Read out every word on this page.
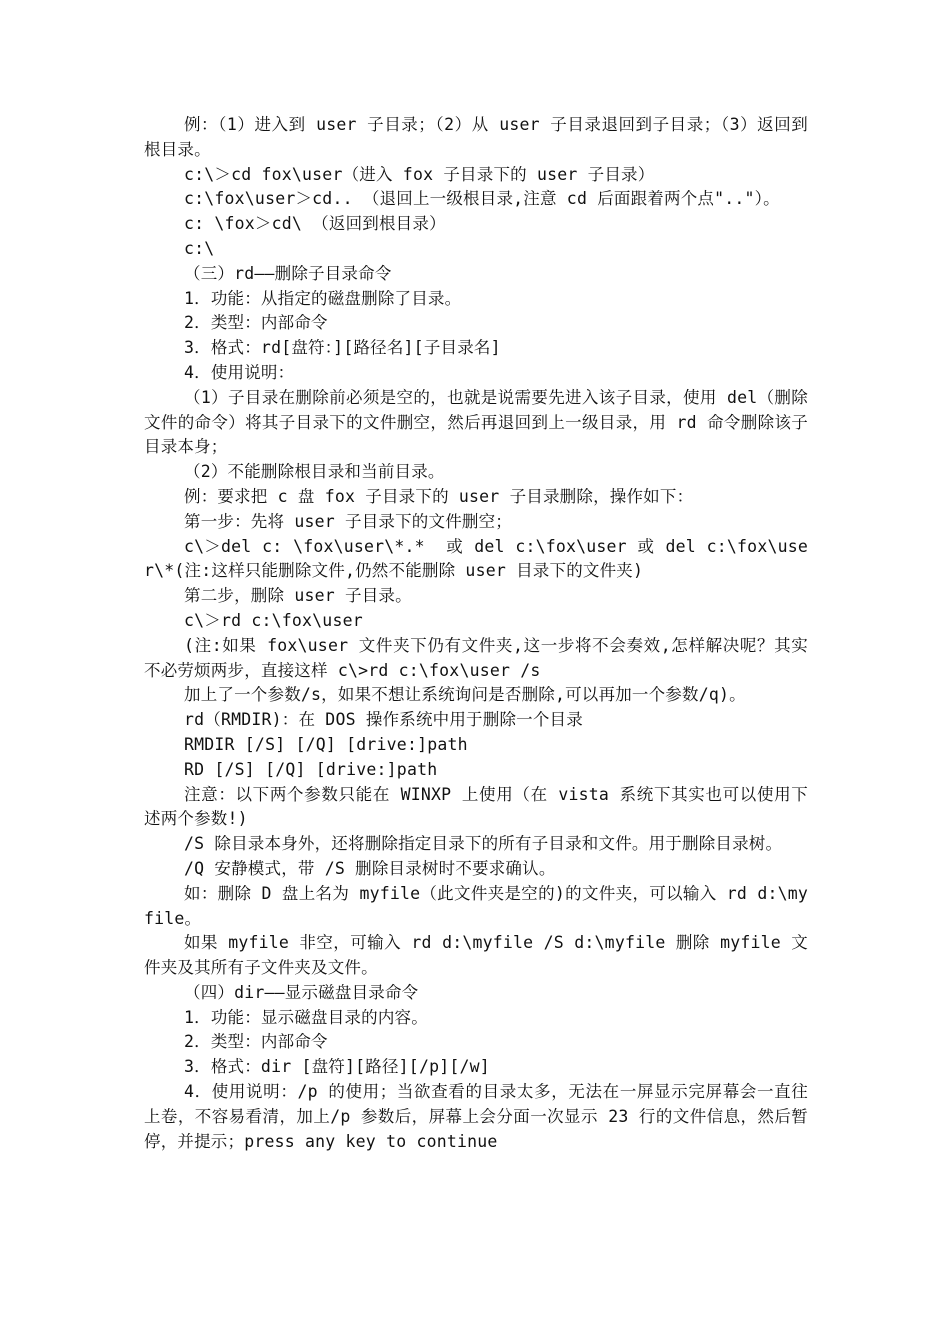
例：（1）进入到 user 子目录；（2）从 user 子目录退回到子目录；（3）返回到根目录。

c:\＞cd fox\user（进入 fox 子目录下的 user 子目录）

c:\fox\user＞cd.. （退回上一级根目录,注意 cd 后面跟着两个点".."）。

c: \fox＞cd\ （返回到根目录）

c:\

（三）rd——删除子目录命令

1．功能：从指定的磁盘删除了目录。

2．类型：内部命令

3．格式：rd[盘符：][路径名][子目录名]

4．使用说明：

（1）子目录在删除前必须是空的，也就是说需要先进入该子目录，使用 del（删除文件的命令）将其子目录下的文件删空，然后再退回到上一级目录，用 rd 命令删除该子目录本身；

（2）不能删除根目录和当前目录。

例：要求把 c 盘 fox 子目录下的 user 子目录删除，操作如下：

第一步：先将 user 子目录下的文件删空；

c\＞del c: \fox\user\*.*  或 del c:\fox\user 或 del c:\fox\user\*(注:这样只能删除文件,仍然不能删除 user 目录下的文件夹)

第二步，删除 user 子目录。

c\＞rd c:\fox\user

(注:如果 fox\user 文件夹下仍有文件夹,这一步将不会奏效,怎样解决呢？其实不必劳烦两步，直接这样 c\>rd c:\fox\user /s

加上了一个参数/s，如果不想让系统询问是否删除,可以再加一个参数/q)。

rd（RMDIR)：在 DOS 操作系统中用于删除一个目录

RMDIR [/S] [/Q] [drive:]path

RD [/S] [/Q] [drive:]path

注意：以下两个参数只能在 WINXP 上使用（在 vista 系统下其实也可以使用下述两个参数!)

/S 除目录本身外，还将删除指定目录下的所有子目录和文件。用于删除目录树。

/Q 安静模式，带 /S 删除目录树时不要求确认。

如：删除 D 盘上名为 myfile（此文件夹是空的)的文件夹，可以输入 rd d:\myfile。

如果 myfile 非空，可输入 rd d:\myfile /S d:\myfile 删除 myfile 文件夹及其所有子文件夹及文件。

（四）dir——显示磁盘目录命令

1．功能：显示磁盘目录的内容。

2．类型：内部命令

3．格式：dir [盘符][路径][/p][/w]

4．使用说明：/p 的使用；当欲查看的目录太多，无法在一屏显示完屏幕会一直往上卷，不容易看清，加上/p 参数后，屏幕上会分面一次显示 23 行的文件信息，然后暂停，并提示；press any key to continue
